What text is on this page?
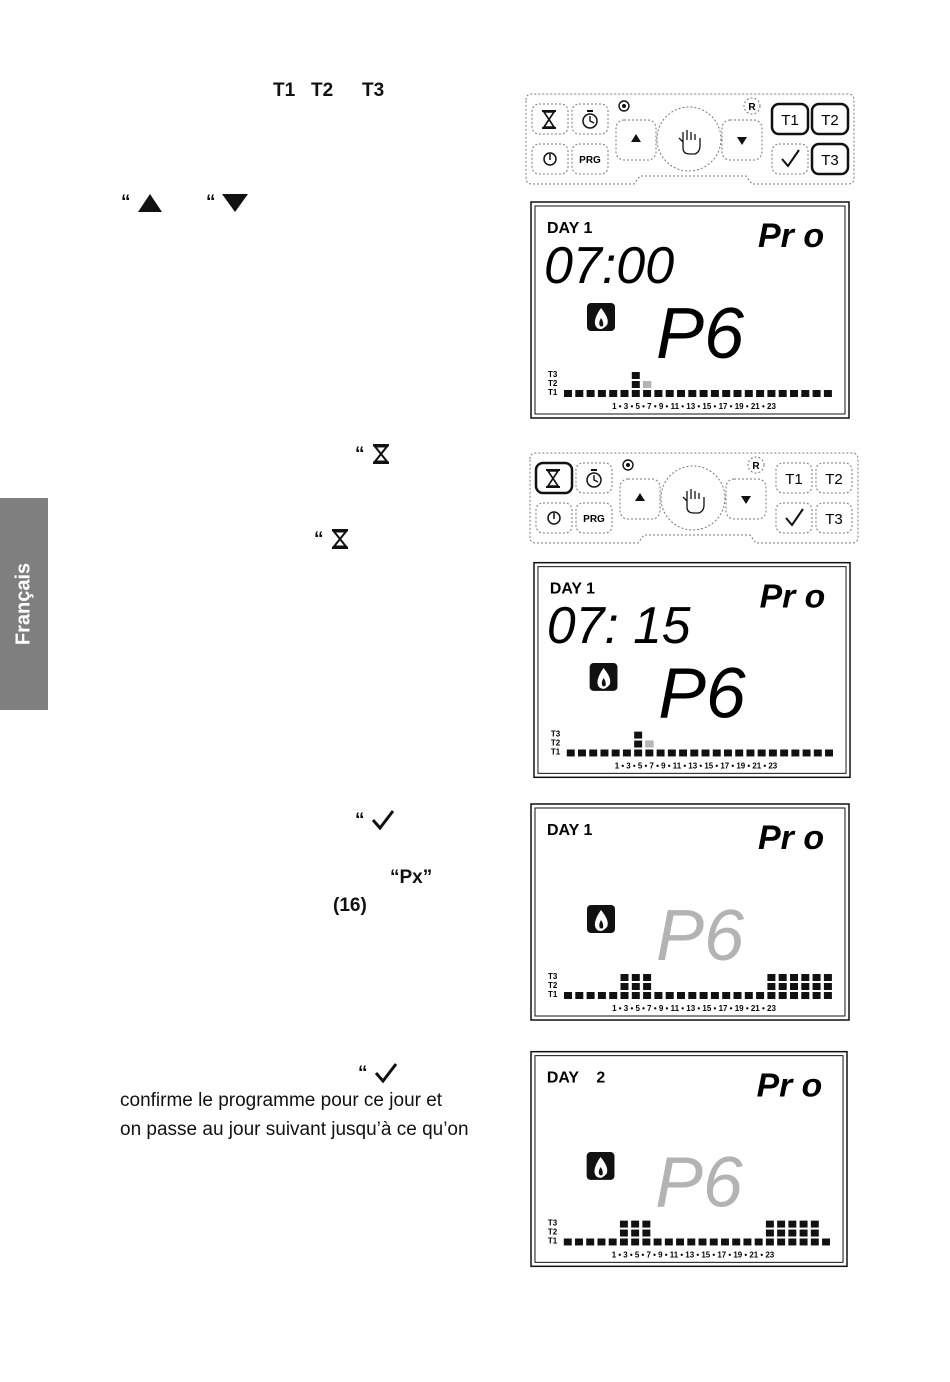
Français
T1 T2 T3
“	“
“
“
“
“Px”
(16)
“
confirme le programme pour ce jour et
on passe au jour suivant jusqu’à ce qu’on
PRG
R
T1 T2
T3
PRG
R
T1 T2
T3
DAY 1	Pr o
07:00
P6
T3
T2
T1
1 • 3 • 5 • 7 • 9 • 11 • 13 • 15 • 17 • 19 • 21 • 23
DAY 1	Pr o
07: 15
P6
T3
T2
T1
1 • 3 • 5 • 7 • 9 • 11 • 13 • 15 • 17 • 19 • 21 • 23
DAY 1	Pr o
P6
T3
T2
T1
1 • 3 • 5 • 7 • 9 • 11 • 13 • 15 • 17 • 19 • 21 • 23
DAY    2	Pr o
P6
T3
T2
T1
1 • 3 • 5 • 7 • 9 • 11 • 13 • 15 • 17 • 19 • 21 • 23
